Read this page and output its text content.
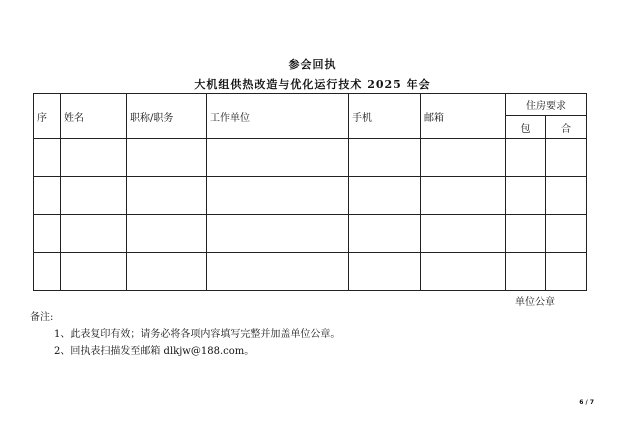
参会回执
大机组供热改造与优化运行技术 2025 年会
序	姓名	职称/职务	工作单位	手机	邮箱	住房要求	
						包	合

单位公章
备注:
1、此表复印有效；请务必将各项内容填写完整并加盖单位公章。
2、回执表扫描发至邮箱 dlkjw@188.com。
6 / 7
